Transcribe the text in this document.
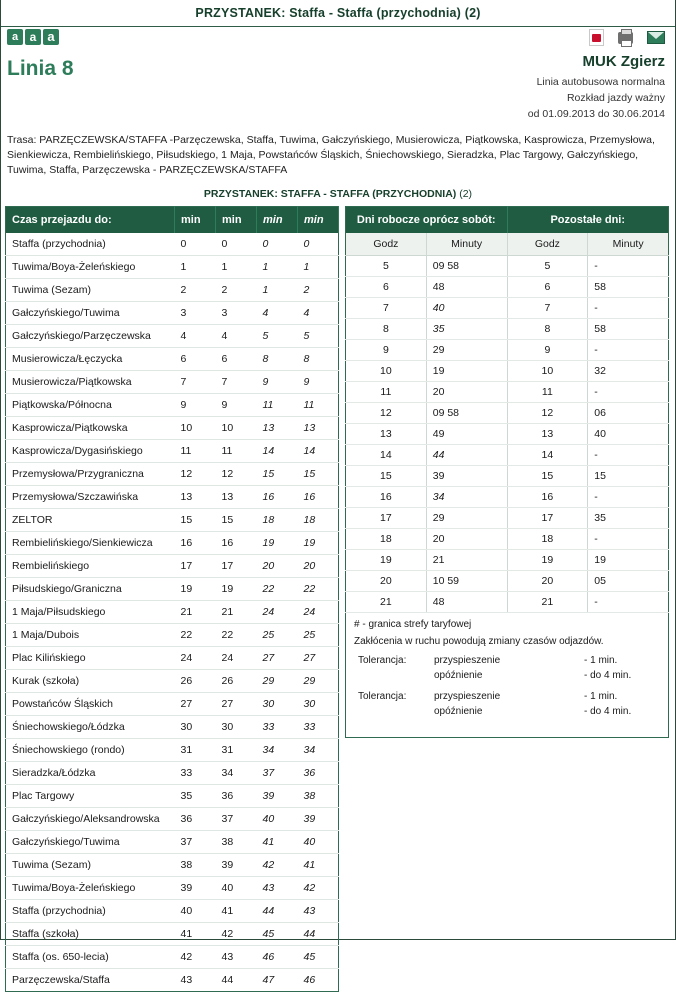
PRZYSTANEK: Staffa - Staffa (przychodnia) (2)
a a a
Linia 8	MUK Zgierz
Linia autobusowa normalna
Rozkład jazdy ważny
od 01.09.2013 do 30.06.2014
Trasa: PARZĘCZEWSKA/STAFFA -Parzęczewska, Staffa, Tuwima, Gałczyńskiego, Musierowicza, Piątkowska, Kasprowicza, Przemysłowa, Sienkiewicza, Rembielińskiego, Piłsudskiego, 1 Maja, Powstańców Śląskich, Śniechowskiego, Sieradzka, Plac Targowy, Gałczyńskiego, Tuwima, Staffa, Parzęczewska - PARZĘCZEWSKA/STAFFA
PRZYSTANEK: STAFFA - STAFFA (PRZYCHODNIA) (2)
Czas przejazdu do:	min	min	min	min
Staffa (przychodnia)	0	0	0	0
Tuwima/Boya-Żeleńskiego	1	1	1	1
Tuwima (Sezam)	2	2	1	2
Gałczyńskiego/Tuwima	3	3	4	4
Gałczyńskiego/Parzęczewska	4	4	5	5
Musierowicza/Łęczycka	6	6	8	8
Musierowicza/Piątkowska	7	7	9	9
Piątkowska/Północna	9	9	11	11
Kasprowicza/Piątkowska	10	10	13	13
Kasprowicza/Dygasińskiego	11	11	14	14
Przemysłowa/Przygraniczna	12	12	15	15
Przemysłowa/Szczawińska	13	13	16	16
ZELTOR	15	15	18	18
Rembielińskiego/Sienkiewicza	16	16	19	19
Rembielińskiego	17	17	20	20
Piłsudskiego/Graniczna	19	19	22	22
1 Maja/Piłsudskiego	21	21	24	24
1 Maja/Dubois	22	22	25	25
Plac Kilińskiego	24	24	27	27
Kurak (szkoła)	26	26	29	29
Powstańców Śląskich	27	27	30	30
Śniechowskiego/Łódzka	30	30	33	33
Śniechowskiego (rondo)	31	31	34	34
Sieradzka/Łódzka	33	34	37	36
Plac Targowy	35	36	39	38
Gałczyńskiego/Aleksandrowska	36	37	40	39
Gałczyńskiego/Tuwima	37	38	41	40
Tuwima (Sezam)	38	39	42	41
Tuwima/Boya-Żeleńskiego	39	40	43	42
Staffa (przychodnia)	40	41	44	43
Staffa (szkoła)	41	42	45	44
Staffa (os. 650-lecia)	42	43	46	45
Parzęczewska/Staffa	43	44	47	46
Dni robocze oprócz sobót:		Pozostałe dni:	
Godz	Minuty	Godz	Minuty
5	09 58	5	-
6	48	6	58
7	40	7	-
8	35	8	58
9	29	9	-
10	19	10	32
11	20	11	-
12	09 58	12	06
13	49	13	40
14	44	14	-
15	39	15	15
16	34	16	-
17	29	17	35
18	20	18	-
19	21	19	19
20	10 59	20	05
21	48	21	-
# - granica strefy taryfowej
Zakłócenia w ruchu powodują zmiany czasów odjazdów.
Tolerancja:	przyspieszenie	- 1 min.
opóźnienie	- do 4 min.
Tolerancja:	przyspieszenie	- 1 min.
opóźnienie	- do 4 min.
